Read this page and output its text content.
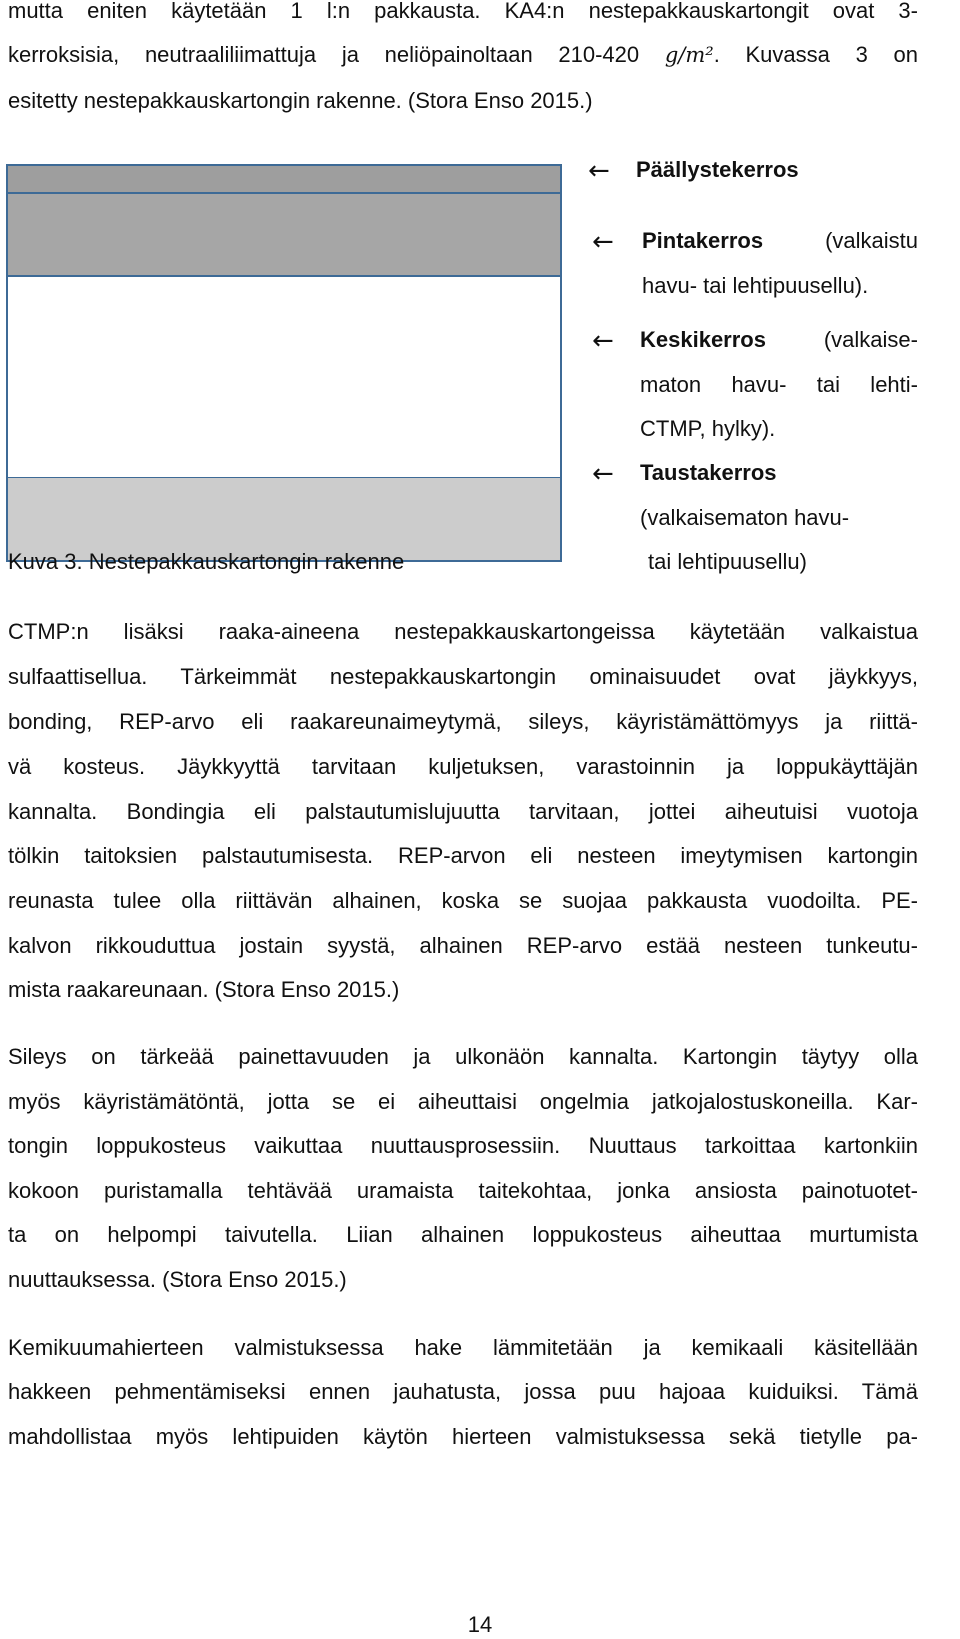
mutta eniten käytetään 1 l:n pakkausta. KA4:n nestepakkauskartongit ovat 3-
kerroksisia, neutraaliliimattuja ja neliöpainoltaan 210-420 g/m². Kuvassa 3 on
esitetty nestepakkauskartongin rakenne. (Stora Enso 2015.)
← Päällystekerros
← Pintakerros	(valkaistu
havu- tai lehtipuusellu).
← Keskikerros	(valkaise-
maton havu- tai lehti-
CTMP, hylky).
← Taustakerros
(valkaisematon havu-
tai lehtipuusellu)
Kuva 3. Nestepakkauskartongin rakenne
CTMP:n lisäksi raaka-aineena nestepakkauskartongeissa käytetään valkaistua
sulfaattisellua. Tärkeimmät nestepakkauskartongin ominaisuudet ovat jäykkyys,
bonding, REP-arvo eli raakareunaimeytymä, sileys, käyristämättömyys ja riittä-
vä kosteus. Jäykkyyttä tarvitaan kuljetuksen, varastoinnin ja loppukäyttäjän
kannalta. Bondingia eli palstautumislujuutta tarvitaan, jottei aiheutuisi vuotoja
tölkin taitoksien palstautumisesta. REP-arvon eli nesteen imeytymisen kartongin
reunasta tulee olla riittävän alhainen, koska se suojaa pakkausta vuodoilta. PE-
kalvon rikkouduttua jostain syystä, alhainen REP-arvo estää nesteen tunkeutu-
mista raakareunaan. (Stora Enso 2015.)
Sileys on tärkeää painettavuuden ja ulkonäön kannalta. Kartongin täytyy olla
myös käyristämätöntä, jotta se ei aiheuttaisi ongelmia jatkojalostuskoneilla. Kar-
tongin loppukosteus vaikuttaa nuuttausprosessiin. Nuuttaus tarkoittaa kartonkiin
kokoon puristamalla tehtävää uramaista taitekohtaa, jonka ansiosta painotuotet-
ta on helpompi taivutella. Liian alhainen loppukosteus aiheuttaa murtumista
nuuttauksessa. (Stora Enso 2015.)
Kemikuumahierteen valmistuksessa hake lämmitetään ja kemikaali käsitellään
hakkeen pehmentämiseksi ennen jauhatusta, jossa puu hajoaa kuiduiksi. Tämä
mahdollistaa myös lehtipuiden käytön hierteen valmistuksessa sekä tietylle pa-
14
